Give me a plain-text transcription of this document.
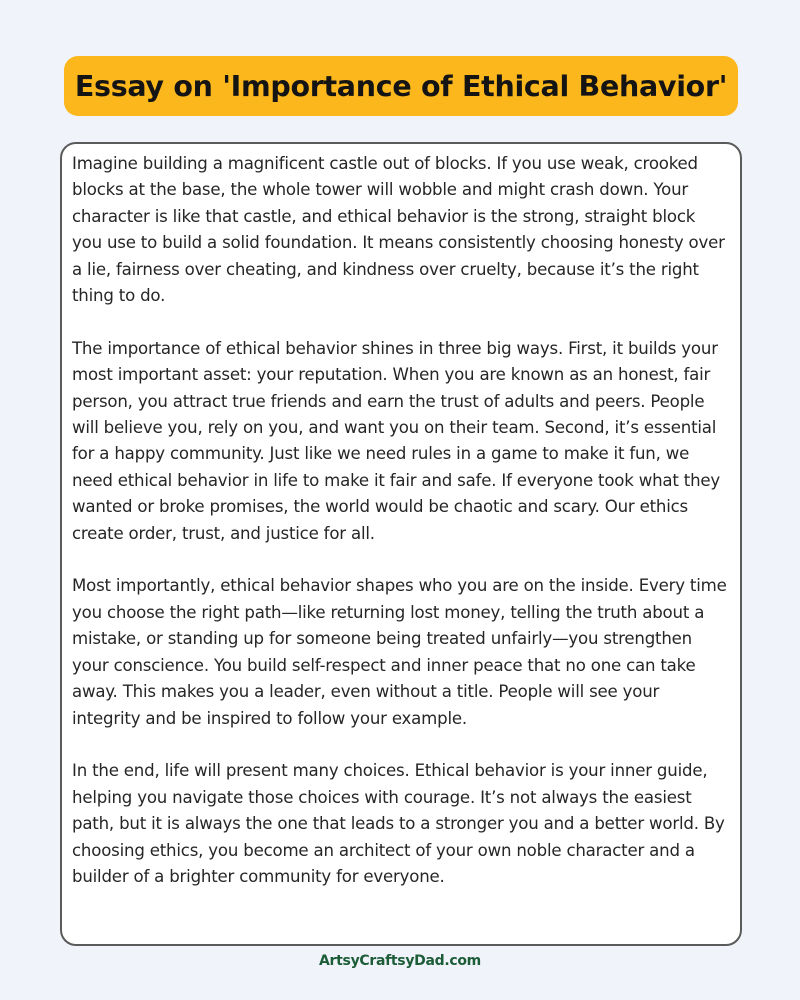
Essay on 'Importance of Ethical Behavior'

Imagine building a magnificent castle out of blocks. If you use weak, crooked blocks at the base, the whole tower will wobble and might crash down. Your character is like that castle, and ethical behavior is the strong, straight block you use to build a solid foundation. It means consistently choosing honesty over a lie, fairness over cheating, and kindness over cruelty, because it’s the right thing to do.

The importance of ethical behavior shines in three big ways. First, it builds your most important asset: your reputation. When you are known as an honest, fair person, you attract true friends and earn the trust of adults and peers. People will believe you, rely on you, and want you on their team. Second, it’s essential for a happy community. Just like we need rules in a game to make it fun, we need ethical behavior in life to make it fair and safe. If everyone took what they wanted or broke promises, the world would be chaotic and scary. Our ethics create order, trust, and justice for all.

Most importantly, ethical behavior shapes who you are on the inside. Every time you choose the right path—like returning lost money, telling the truth about a mistake, or standing up for someone being treated unfairly—you strengthen your conscience. You build self-respect and inner peace that no one can take away. This makes you a leader, even without a title. People will see your integrity and be inspired to follow your example.

In the end, life will present many choices. Ethical behavior is your inner guide, helping you navigate those choices with courage. It’s not always the easiest path, but it is always the one that leads to a stronger you and a better world. By choosing ethics, you become an architect of your own noble character and a builder of a brighter community for everyone.

ArtsyCraftsyDad.com
